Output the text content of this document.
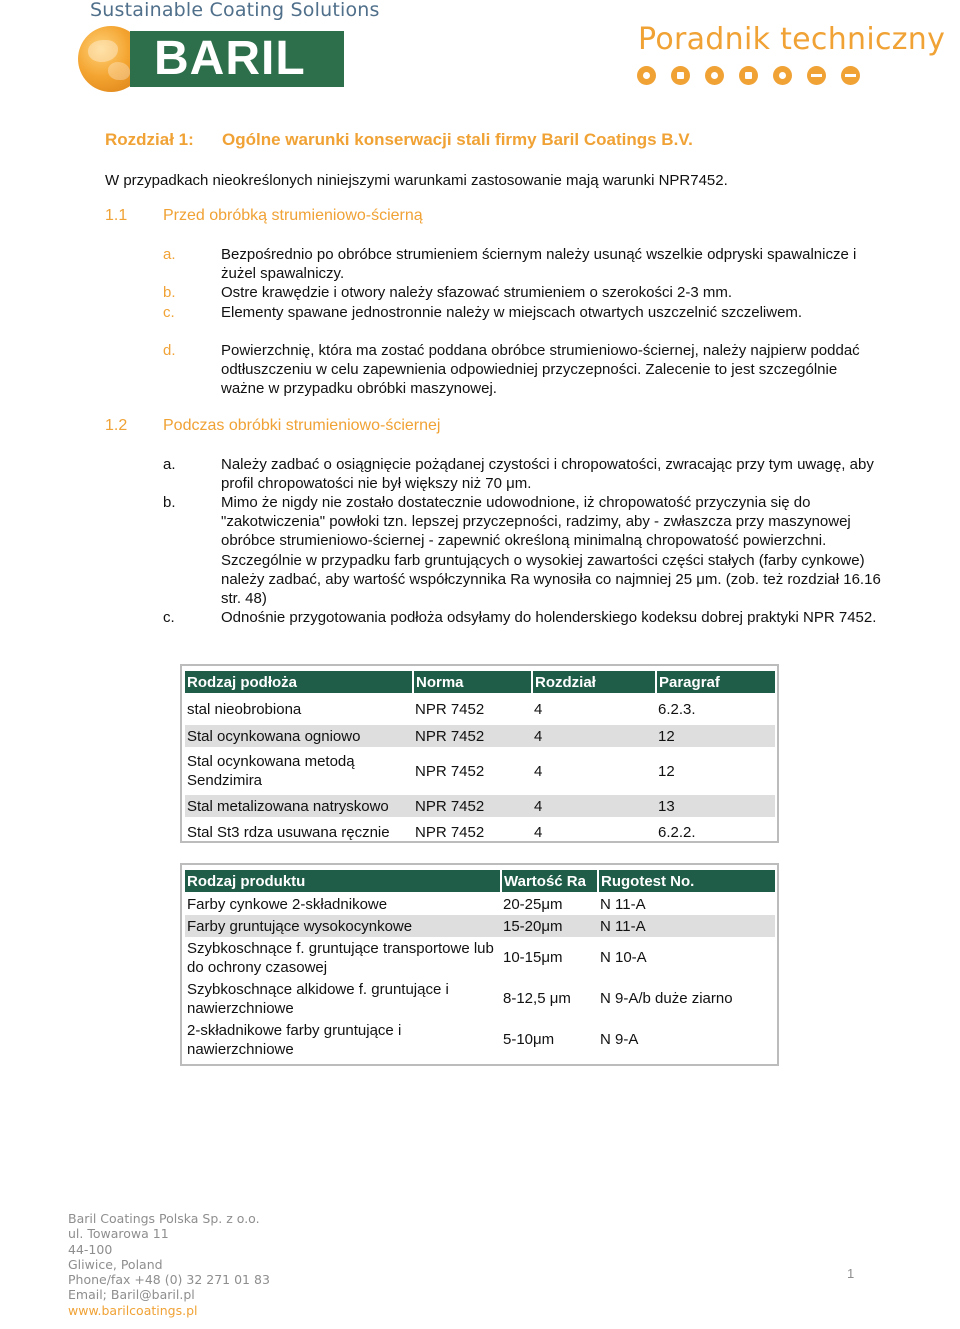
Sustainable Coating Solutions
BARIL	Poradnik techniczny
Rozdział 1: Ogólne warunki konserwacji stali firmy Baril Coatings B.V.
W przypadkach nieokreślonych niniejszymi warunkami zastosowanie mają warunki NPR7452.
1.1 Przed obróbką strumieniowo-ścierną
a.	Bezpośrednio po obróbce strumieniem ściernym należy usunąć wszelkie odpryski spawalnicze i żużel spawalniczy.
b.	Ostre krawędzie i otwory należy sfazować strumieniem o szerokości 2-3 mm.
c.	Elementy spawane jednostronnie należy w miejscach otwartych uszczelnić szczeliwem.
d.	Powierzchnię, która ma zostać poddana obróbce strumieniowo-ściernej, należy najpierw poddać odtłuszczeniu w celu zapewnienia odpowiedniej przyczepności. Zalecenie to jest szczególnie ważne w przypadku obróbki maszynowej.
1.2 Podczas obróbki strumieniowo-ściernej
a.	Należy zadbać o osiągnięcie pożądanej czystości i chropowatości, zwracając przy tym uwagę, aby profil chropowatości nie był większy niż 70 μm.
b.	Mimo że nigdy nie zostało dostatecznie udowodnione, iż chropowatość przyczynia się do "zakotwiczenia" powłoki tzn. lepszej przyczepności, radzimy, aby - zwłaszcza przy maszynowej obróbce strumieniowo-ściernej - zapewnić określoną minimalną chropowatość powierzchni. Szczególnie w przypadku farb gruntujących o wysokiej zawartości części stałych (farby cynkowe) należy zadbać, aby wartość współczynnika Ra wynosiła co najmniej 25 μm. (zob. też rozdział 16.16 str. 48)
c.	Odnośnie przygotowania podłoża odsyłamy do holenderskiego kodeksu dobrej praktyki NPR 7452.
Rodzaj podłoża	Norma	Rozdział	Paragraf

stal nieobrobiona	NPR 7452	4	6.2.3.

Stal ocynkowana ogniowo	NPR 7452	4	12

Stal ocynkowana metodą Sendzimira	NPR 7452	4	12

Stal metalizowana natryskowo	NPR 7452	4	13

Stal St3 rdza usuwana ręcznie	NPR 7452	4	6.2.2.
Rodzaj produktu	Wartość Ra	Rugotest No.

Farby cynkowe 2-składnikowe	20-25μm	N 11-A
Farby gruntujące wysokocynkowe	15-20μm	N 11-A
Szybkoschnące f. gruntujące transportowe lub do ochrony czasowej	10-15μm	N 10-A
Szybkoschnące alkidowe f. gruntujące i nawierzchniowe	8-12,5 μm	N 9-A/b duże ziarno
2-składnikowe farby gruntujące i nawierzchniowe	5-10μm	N 9-A
Baril Coatings Polska Sp. z o.o.
ul. Towarowa 11
44-100
Gliwice, Poland
Phone/fax +48 (0) 32 271 01 83
Email; Baril@baril.pl
www.barilcoatings.pl
1
